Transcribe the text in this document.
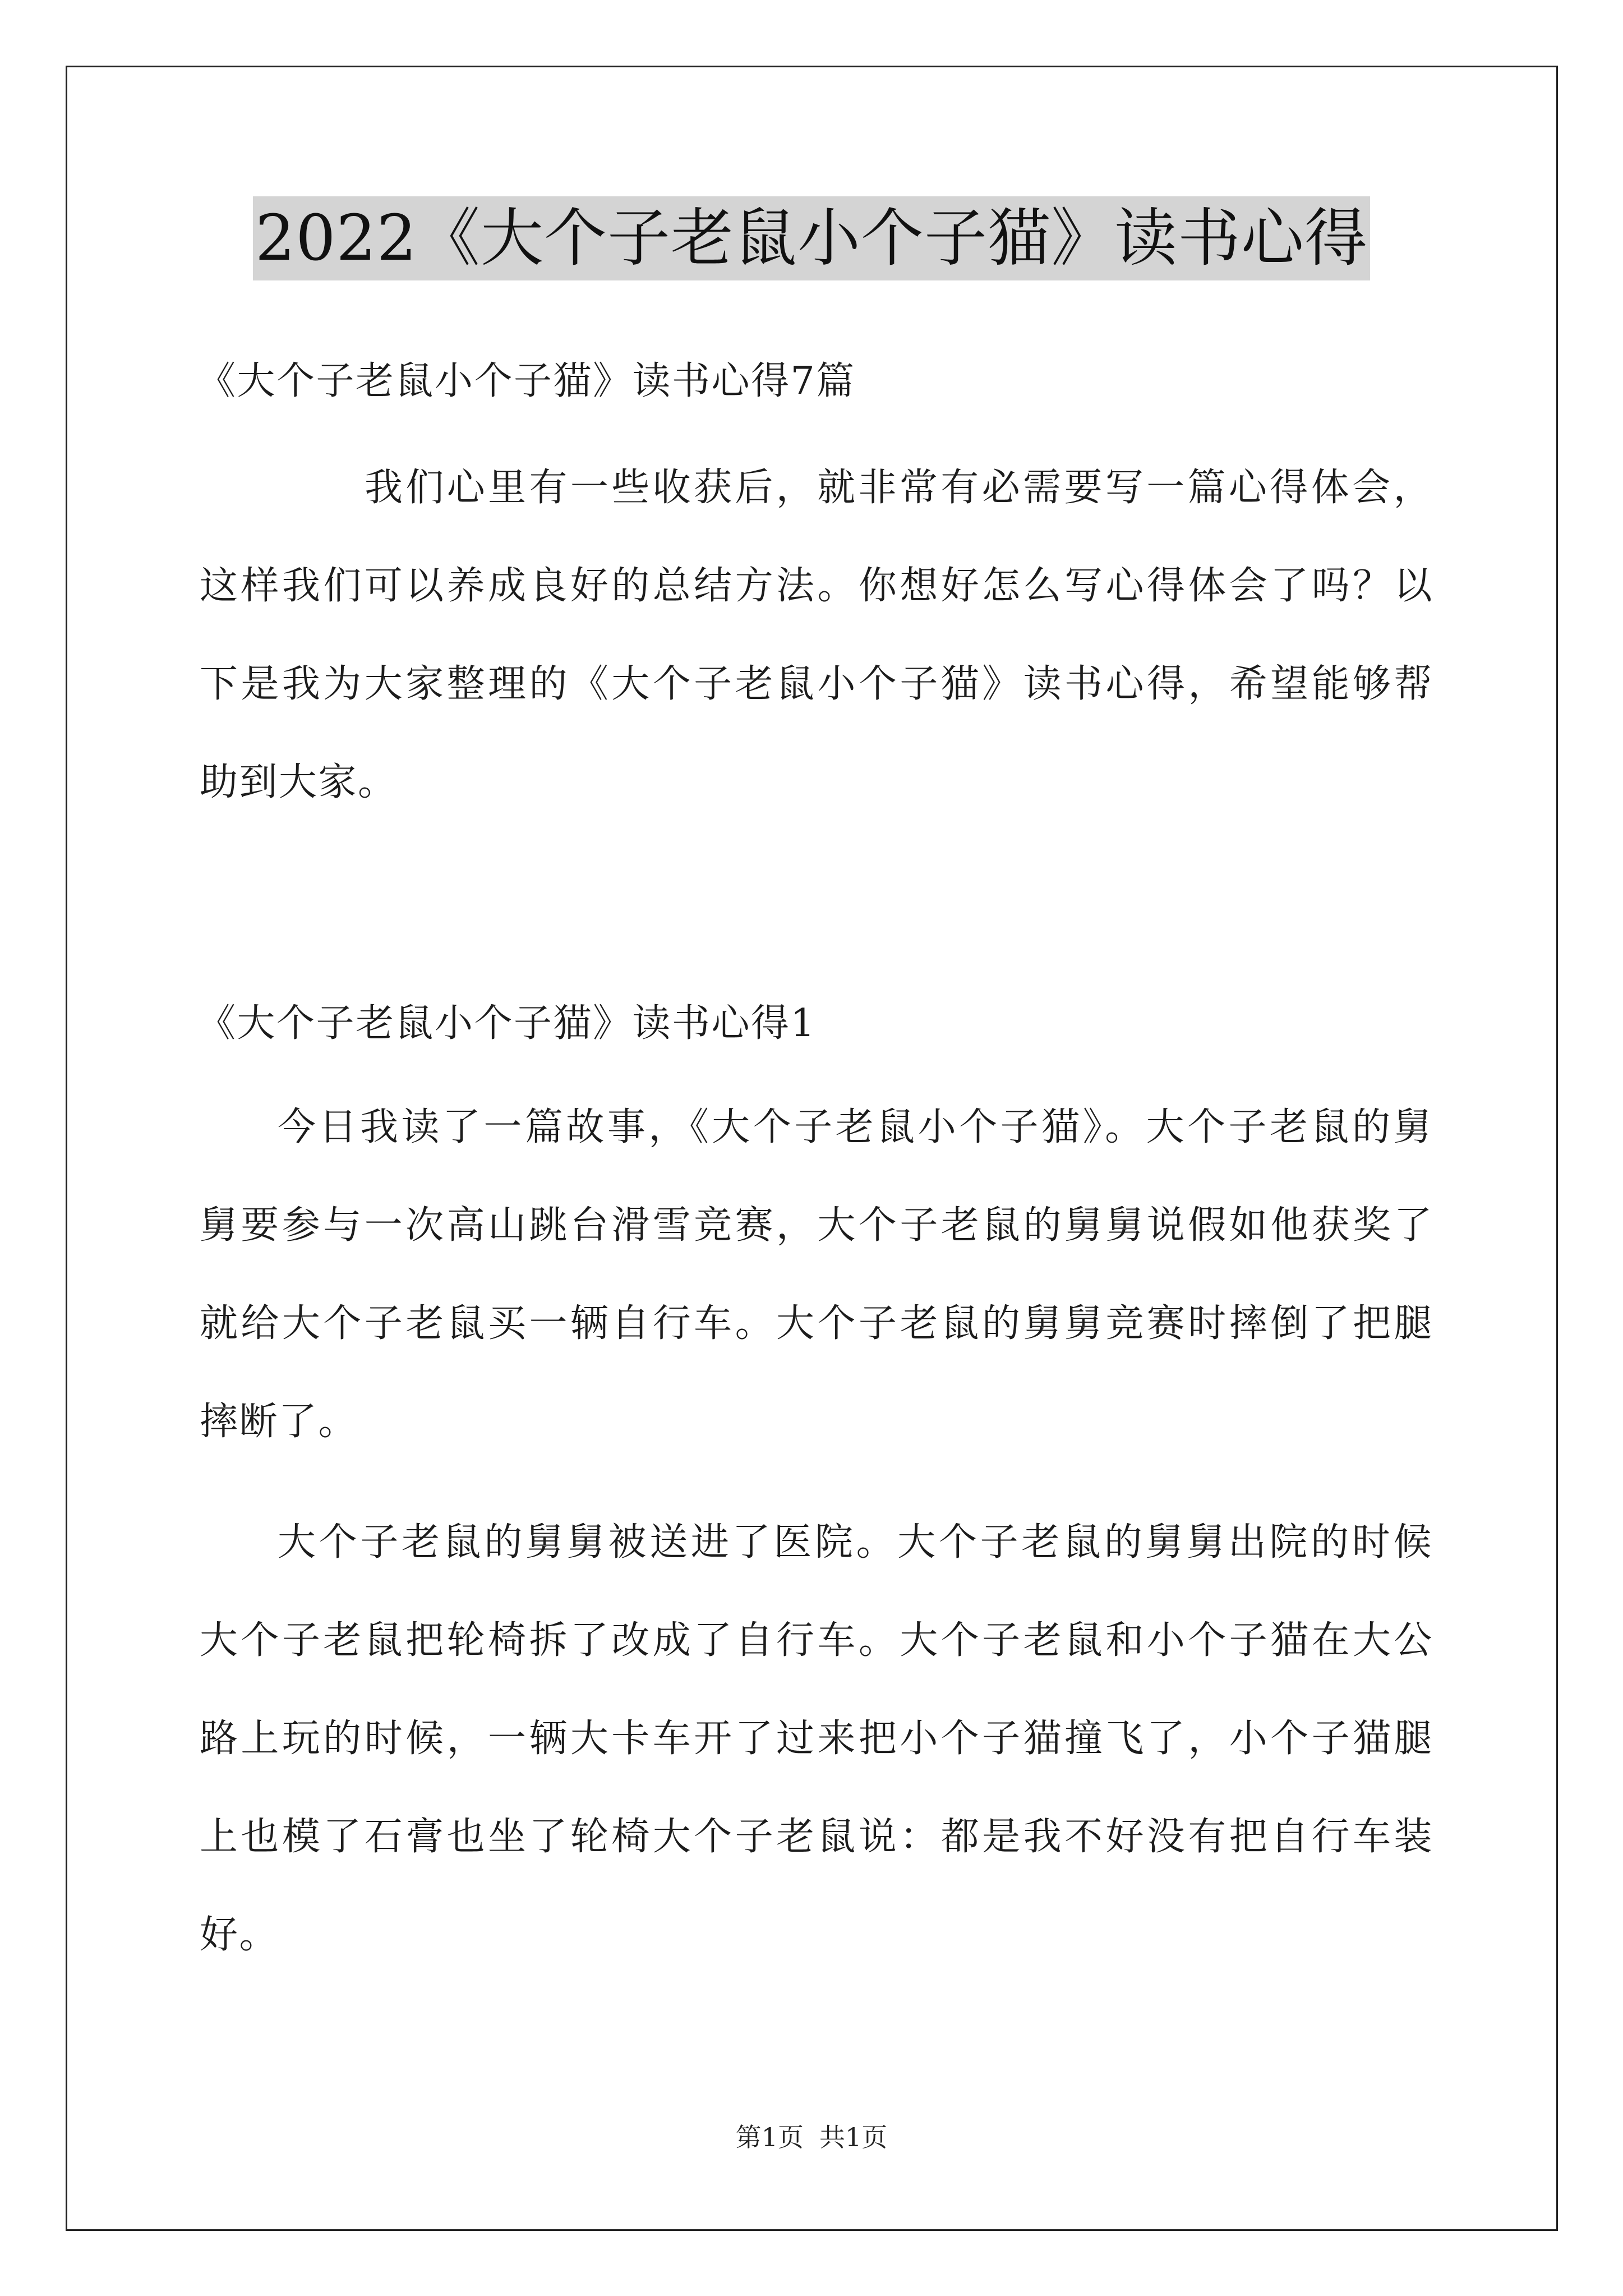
2022《大个子老鼠小个子猫》读书心得
《大个子老鼠小个子猫》读书心得7篇
我们心里有一些收获后，就非常有必需要写一篇心得体会，
这样我们可以养成良好的总结方法。你想好怎么写心得体会了吗？以
下是我为大家整理的《大个子老鼠小个子猫》读书心得，希望能够帮
助到大家。
《大个子老鼠小个子猫》读书心得1
今日我读了一篇故事，《大个子老鼠小个子猫》。大个子老鼠的舅
舅要参与一次高山跳台滑雪竞赛，大个子老鼠的舅舅说假如他获奖了
就给大个子老鼠买一辆自行车。大个子老鼠的舅舅竞赛时摔倒了把腿
摔断了。
大个子老鼠的舅舅被送进了医院。大个子老鼠的舅舅出院的时候
大个子老鼠把轮椅拆了改成了自行车。大个子老鼠和小个子猫在大公
路上玩的时候，一辆大卡车开了过来把小个子猫撞飞了，小个子猫腿
上也模了石膏也坐了轮椅大个子老鼠说：都是我不好没有把自行车装
好。
第1页 共1页
